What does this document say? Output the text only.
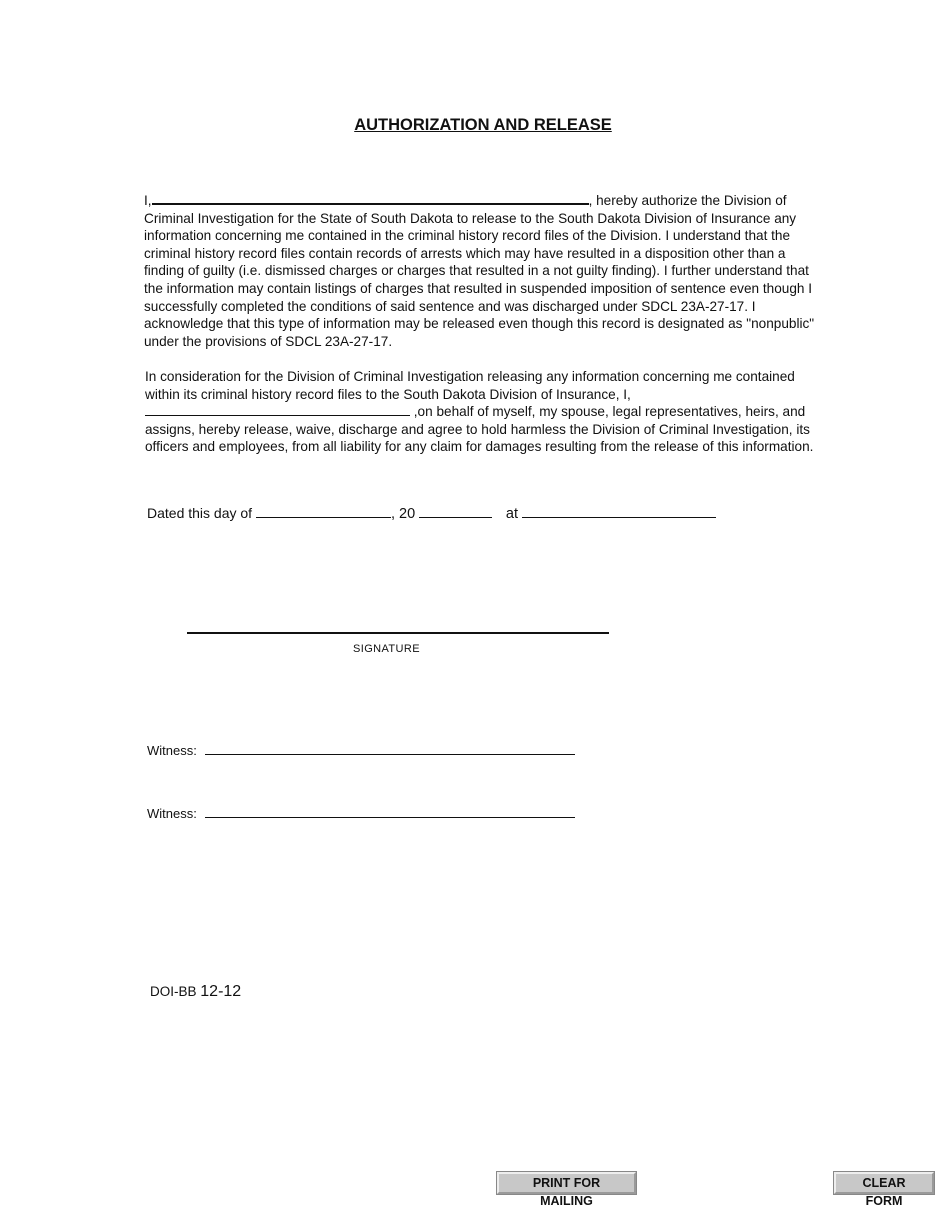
AUTHORIZATION AND RELEASE
I,	, hereby authorize the Division of Criminal Investigation for the State of South Dakota to release to the South Dakota Division of Insurance any information concerning me contained in the criminal history record files of the Division. I understand that the criminal history record files contain records of arrests which may have resulted in a disposition other than a finding of guilty (i.e. dismissed charges or charges that resulted in a not guilty finding). I further understand that the information may contain listings of charges that resulted in suspended imposition of sentence even though I successfully completed the conditions of said sentence and was discharged under SDCL 23A-27-17. I acknowledge that this type of information may be released even though this record is designated as "nonpublic" under the provisions of SDCL 23A-27-17.
In consideration for the Division of Criminal Investigation releasing any information concerning me contained within its criminal history record files to the South Dakota Division of Insurance, I,
,on behalf of myself, my spouse, legal representatives, heirs, and assigns, hereby release, waive, discharge and agree to hold harmless the Division of Criminal Investigation, its officers and employees, from all liability for any claim for damages resulting from the release of this information.
Dated this day of	, 20	at
SIGNATURE
Witness:
Witness:
DOI-BB 12-12
PRINT FOR MAILING
CLEAR FORM
